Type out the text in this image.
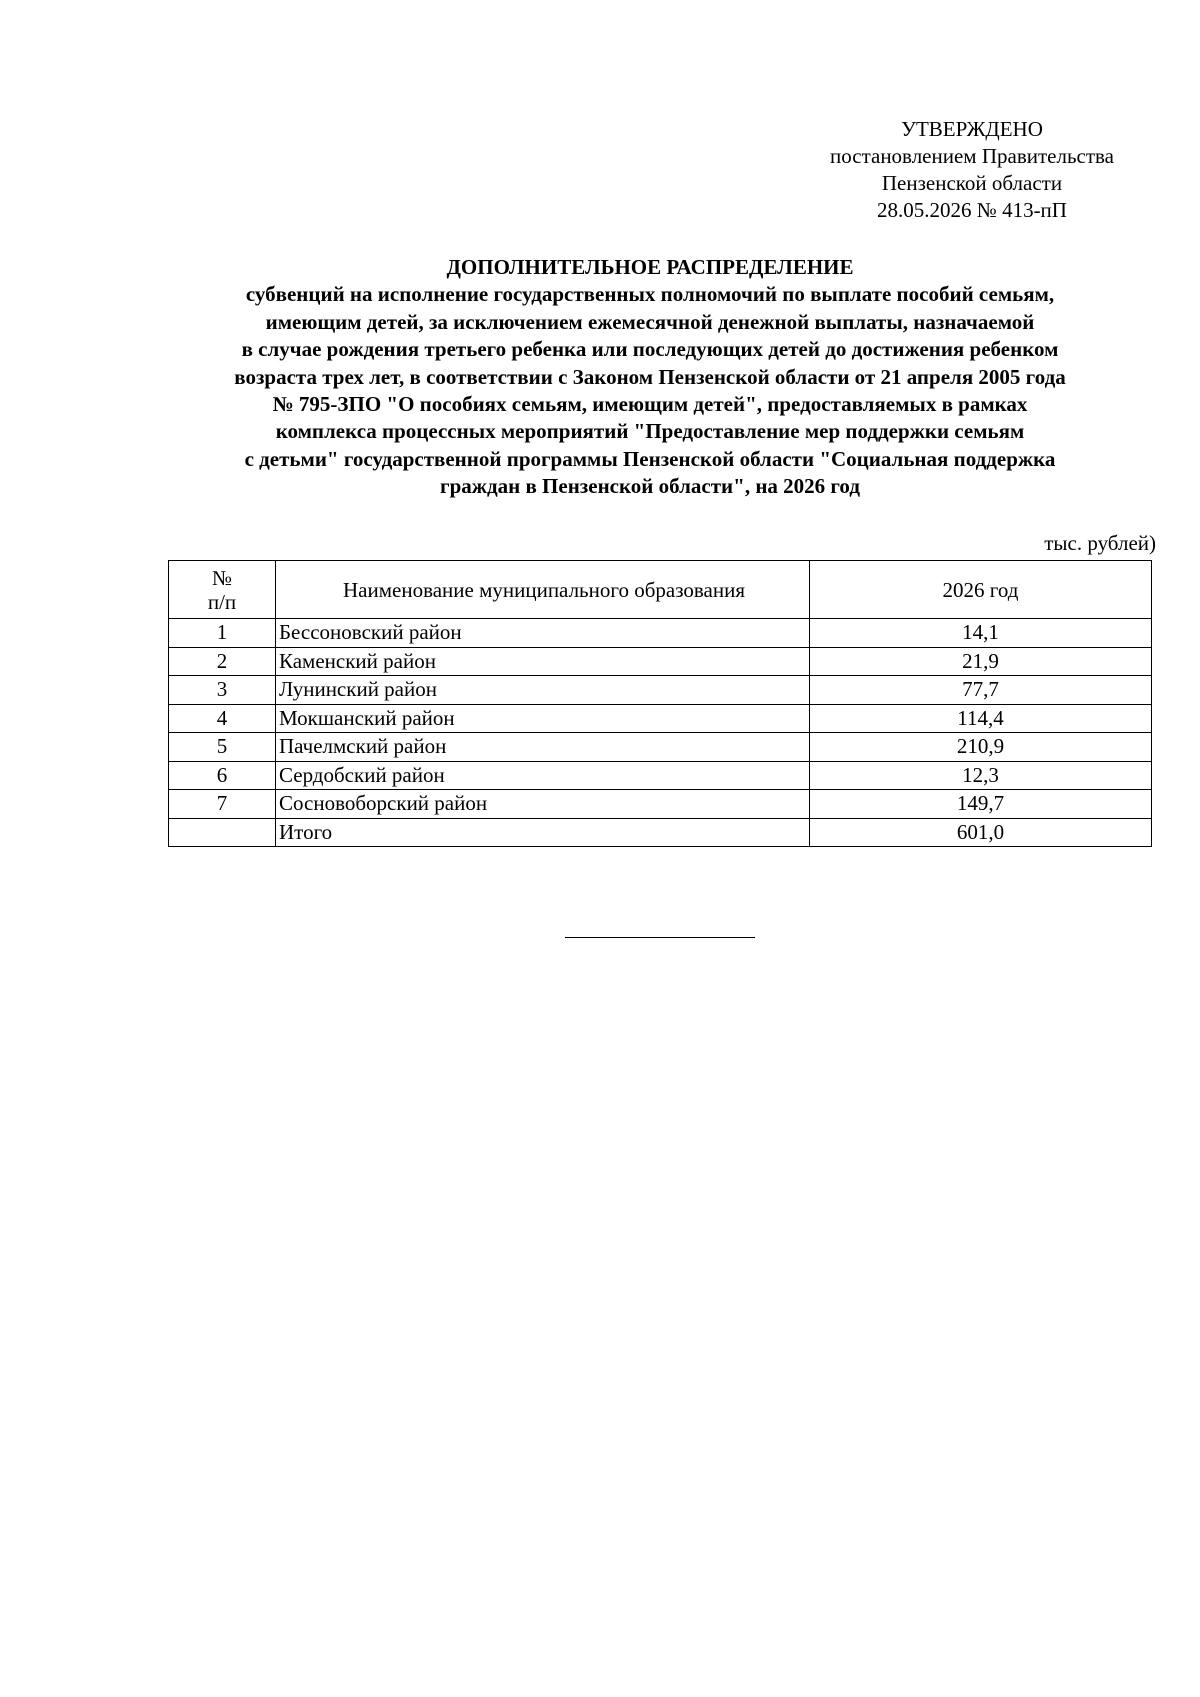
УТВЕРЖДЕНО
постановлением Правительства
Пензенской области
28.05.2026 № 413-пП
ДОПОЛНИТЕЛЬНОЕ РАСПРЕДЕЛЕНИЕ
субвенций на исполнение государственных полномочий по выплате пособий семьям,
имеющим детей, за исключением ежемесячной денежной выплаты, назначаемой
в случае рождения третьего ребенка или последующих детей до достижения ребенком
возраста трех лет, в соответствии с Законом Пензенской области от 21 апреля 2005 года
№ 795-ЗПО "О пособиях семьям, имеющим детей", предоставляемых в рамках
комплекса процессных мероприятий "Предоставление мер поддержки семьям
с детьми" государственной программы Пензенской области "Социальная поддержка
граждан в Пензенской области", на 2026 год
тыс. рублей)
№
п/п	Наименование муниципального образования	2026 год
1	Бессоновский район	14,1
2	Каменский район	21,9
3	Лунинский район	77,7
4	Мокшанский район	114,4
5	Пачелмский район	210,9
6	Сердобский район	12,3
7	Сосновоборский район	149,7
	Итого	601,0
